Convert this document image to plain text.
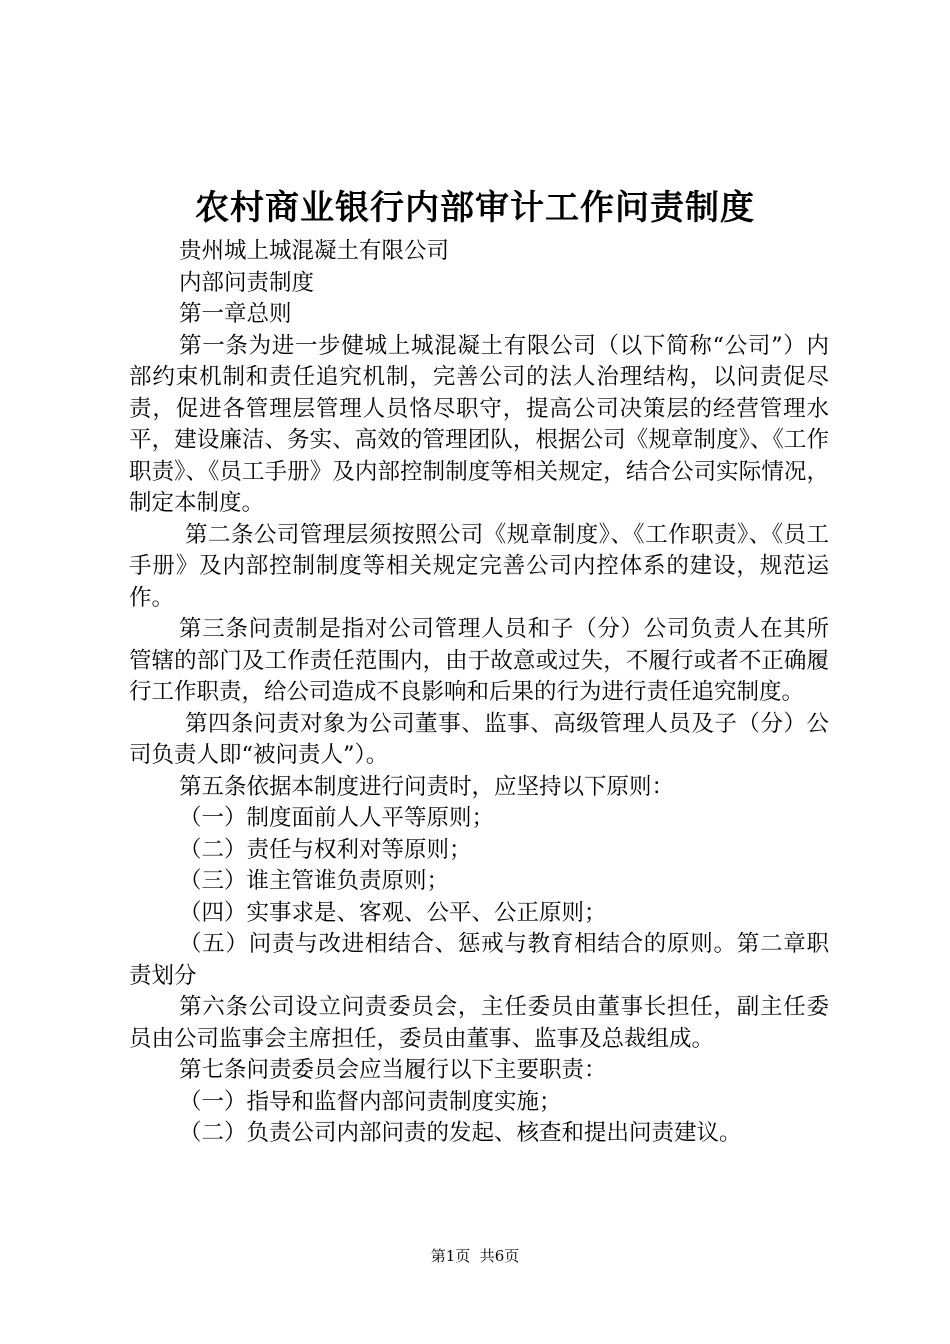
农村商业银行内部审计工作问责制度

贵州城上城混凝土有限公司

内部问责制度

第一章总则

第一条为进一步健城上城混凝土有限公司（以下简称“公司”）内部约束机制和责任追究机制，完善公司的法人治理结构，以问责促尽责，促进各管理层管理人员恪尽职守，提高公司决策层的经营管理水平，建设廉洁、务实、高效的管理团队，根据公司《规章制度》、《工作职责》、《员工手册》及内部控制制度等相关规定，结合公司实际情况，制定本制度。

第二条公司管理层须按照公司《规章制度》、《工作职责》、《员工手册》及内部控制制度等相关规定完善公司内控体系的建设，规范运作。

第三条问责制是指对公司管理人员和子（分）公司负责人在其所管辖的部门及工作责任范围内，由于故意或过失，不履行或者不正确履行工作职责，给公司造成不良影响和后果的行为进行责任追究制度。

第四条问责对象为公司董事、监事、高级管理人员及子（分）公司负责人即“被问责人”）。

第五条依据本制度进行问责时，应坚持以下原则：

（一）制度面前人人平等原则；

（二）责任与权利对等原则；

（三）谁主管谁负责原则；

（四）实事求是、客观、公平、公正原则；

（五）问责与改进相结合、惩戒与教育相结合的原则。第二章职责划分

第六条公司设立问责委员会，主任委员由董事长担任，副主任委员由公司监事会主席担任，委员由董事、监事及总裁组成。

第七条问责委员会应当履行以下主要职责：

（一）指导和监督内部问责制度实施；

（二）负责公司内部问责的发起、核查和提出问责建议。

第1页  共6页
